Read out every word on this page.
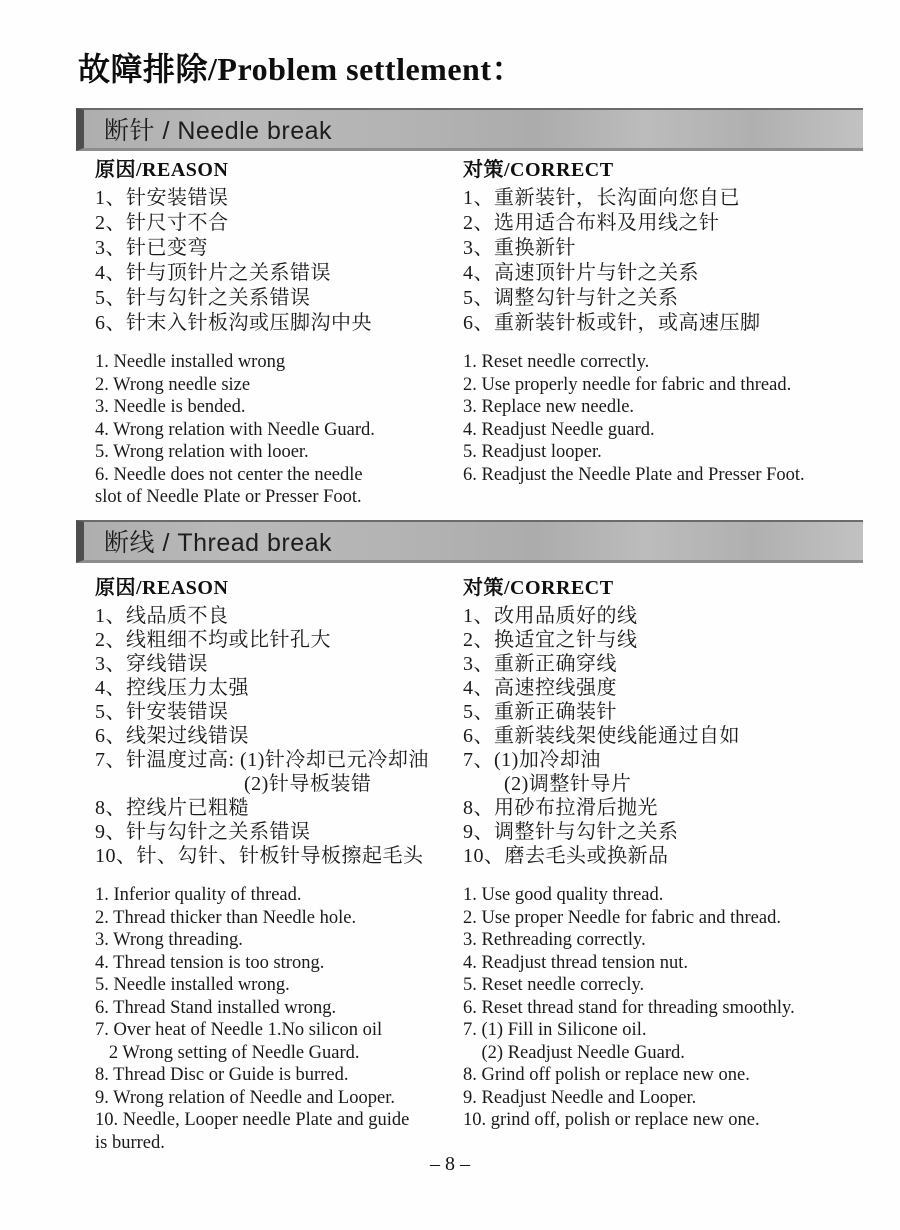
故障排除/Problem settlement：
断针 / Needle break
原因/REASON
1、针安装错误
2、针尺寸不合
3、针已变弯
4、针与顶针片之关系错误
5、针与勾针之关系错误
6、针末入针板沟或压脚沟中央
1. Needle installed wrong
2. Wrong needle size
3. Needle is bended.
4. Wrong relation with Needle Guard.
5. Wrong relation with looer.
6. Needle does not center the needle
slot of Needle Plate or Presser Foot.
对策/CORRECT
1、重新装针，长沟面向您自已
2、选用适合布料及用线之针
3、重换新针
4、高速顶针片与针之关系
5、调整勾针与针之关系
6、重新装针板或针，或高速压脚
1. Reset needle correctly.
2. Use properly needle for fabric and thread.
3. Replace new needle.
4. Readjust Needle guard.
5. Readjust looper.
6. Readjust the Needle Plate and Presser Foot.
断线 / Thread break
原因/REASON
1、线品质不良
2、线粗细不均或比针孔大
3、穿线错误
4、控线压力太强
5、针安装错误
6、线架过线错误
7、针温度过高: (1)针冷却已元冷却油
　　　　　　　 (2)针导板装错
8、控线片已粗糙
9、针与勾针之关系错误
10、针、勾针、针板针导板擦起毛头
1. Inferior quality of thread.
2. Thread thicker than Needle hole.
3. Wrong threading.
4. Thread tension is too strong.
5. Needle installed wrong.
6. Thread Stand installed wrong.
7. Over heat of Needle 1.No silicon oil
2 Wrong setting of Needle Guard.
8. Thread Disc or Guide is burred.
9. Wrong relation of Needle and Looper.
10. Needle, Looper needle Plate and guide
is burred.
对策/CORRECT
1、改用品质好的线
2、换适宜之针与线
3、重新正确穿线
4、高速控线强度
5、重新正确装针
6、重新装线架使线能通过自如
7、(1)加冷却油
　　(2)调整针导片
8、用砂布拉滑后抛光
9、调整针与勾针之关系
10、磨去毛头或换新品
1. Use good quality thread.
2. Use proper Needle for fabric and thread.
3. Rethreading correctly.
4. Readjust thread tension nut.
5. Reset needle correcly.
6. Reset thread stand for threading smoothly.
7. (1) Fill in Silicone oil.
(2) Readjust Needle Guard.
8. Grind off polish or replace new one.
9. Readjust Needle and Looper.
10. grind off, polish or replace new one.
– 8 –
